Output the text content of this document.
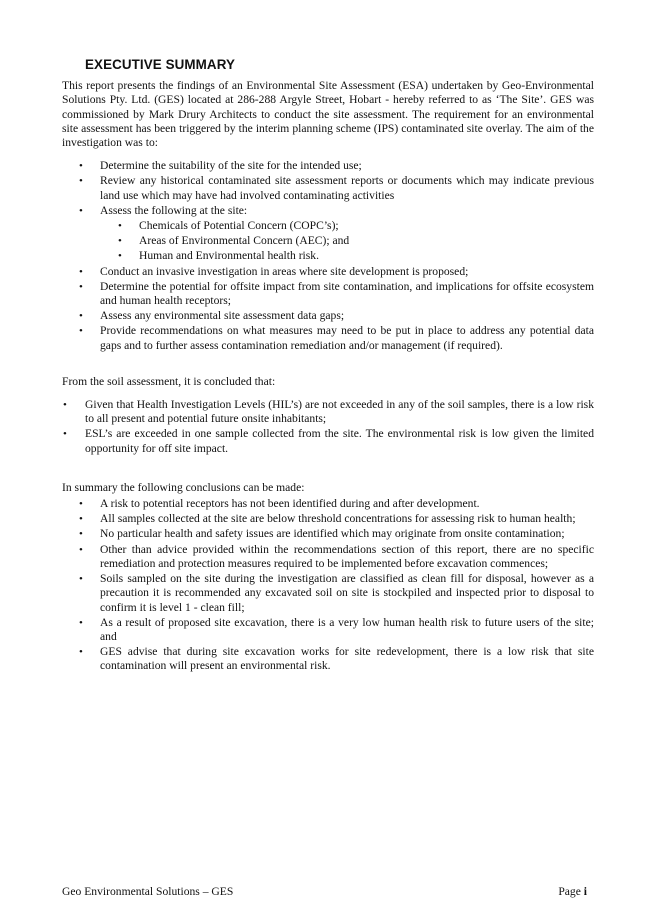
EXECUTIVE SUMMARY

This report presents the findings of an Environmental Site Assessment (ESA) undertaken by Geo-Environmental Solutions Pty. Ltd. (GES) located at 286-288 Argyle Street, Hobart - hereby referred to as ‘The Site’. GES was commissioned by Mark Drury Architects to conduct the site assessment. The requirement for an environmental site assessment has been triggered by the interim planning scheme (IPS) contaminated site overlay. The aim of the investigation was to:

• Determine the suitability of the site for the intended use;
• Review any historical contaminated site assessment reports or documents which may indicate previous land use which may have had involved contaminating activities
• Assess the following at the site:
• Chemicals of Potential Concern (COPC’s);
• Areas of Environmental Concern (AEC); and
• Human and Environmental health risk.
• Conduct an invasive investigation in areas where site development is proposed;
• Determine the potential for offsite impact from site contamination, and implications for offsite ecosystem and human health receptors;
• Assess any environmental site assessment data gaps;
• Provide recommendations on what measures may need to be put in place to address any potential data gaps and to further assess contamination remediation and/or management (if required).

From the soil assessment, it is concluded that:

• Given that Health Investigation Levels (HIL’s) are not exceeded in any of the soil samples, there is a low risk to all present and potential future onsite inhabitants;
• ESL’s are exceeded in one sample collected from the site. The environmental risk is low given the limited opportunity for off site impact.

In summary the following conclusions can be made:

• A risk to potential receptors has not been identified during and after development.
• All samples collected at the site are below threshold concentrations for assessing risk to human health;
• No particular health and safety issues are identified which may originate from onsite contamination;
• Other than advice provided within the recommendations section of this report, there are no specific remediation and protection measures required to be implemented before excavation commences;
• Soils sampled on the site during the investigation are classified as clean fill for disposal, however as a precaution it is recommended any excavated soil on site is stockpiled and inspected prior to disposal to confirm it is level 1 - clean fill;
• As a result of proposed site excavation, there is a very low human health risk to future users of the site; and
• GES advise that during site excavation works for site redevelopment, there is a low risk that site contamination will present an environmental risk.
Geo Environmental Solutions – GES	Page i
